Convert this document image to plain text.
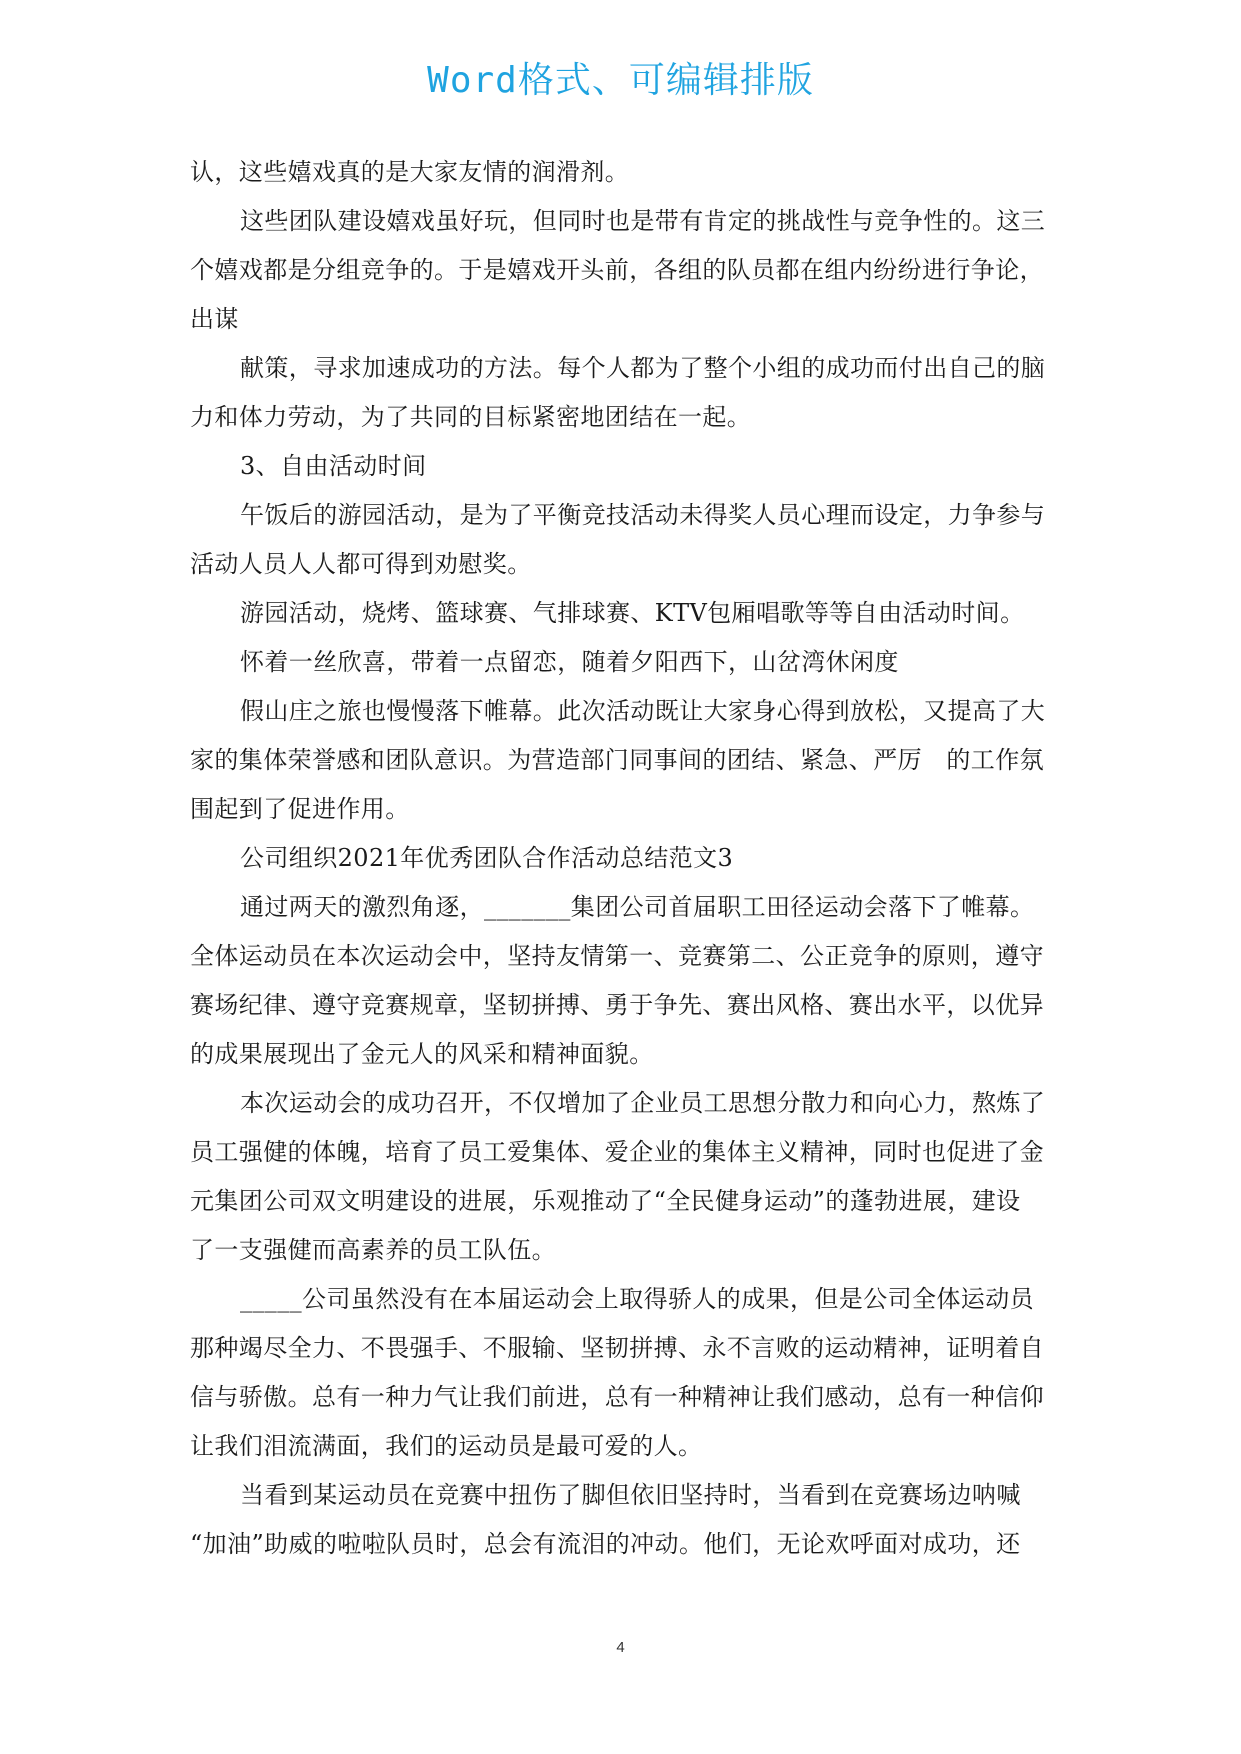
Word格式、可编辑排版
认，这些嬉戏真的是大家友情的润滑剂。
这些团队建设嬉戏虽好玩，但同时也是带有肯定的挑战性与竞争性的。这三
个嬉戏都是分组竞争的。于是嬉戏开头前，各组的队员都在组内纷纷进行争论，
出谋
献策，寻求加速成功的方法。每个人都为了整个小组的成功而付出自己的脑
力和体力劳动，为了共同的目标紧密地团结在一起。
3、自由活动时间
午饭后的游园活动，是为了平衡竞技活动未得奖人员心理而设定，力争参与
活动人员人人都可得到劝慰奖。
游园活动，烧烤、篮球赛、气排球赛、KTV包厢唱歌等等自由活动时间。
怀着一丝欣喜，带着一点留恋，随着夕阳西下，山岔湾休闲度
假山庄之旅也慢慢落下帷幕。此次活动既让大家身心得到放松，又提高了大
家的集体荣誉感和团队意识。为营造部门同事间的团结、紧急、严厉　的工作氛
围起到了促进作用。
公司组织2021年优秀团队合作活动总结范文3
通过两天的激烈角逐，_______集团公司首届职工田径运动会落下了帷幕。
全体运动员在本次运动会中，坚持友情第一、竞赛第二、公正竞争的原则，遵守
赛场纪律、遵守竞赛规章，坚韧拼搏、勇于争先、赛出风格、赛出水平，以优异
的成果展现出了金元人的风采和精神面貌。
本次运动会的成功召开，不仅增加了企业员工思想分散力和向心力，熬炼了
员工强健的体魄，培育了员工爱集体、爱企业的集体主义精神，同时也促进了金
元集团公司双文明建设的进展，乐观推动了“全民健身运动”的蓬勃进展，建设
了一支强健而高素养的员工队伍。
_____公司虽然没有在本届运动会上取得骄人的成果，但是公司全体运动员
那种竭尽全力、不畏强手、不服输、坚韧拼搏、永不言败的运动精神，证明着自
信与骄傲。总有一种力气让我们前进，总有一种精神让我们感动，总有一种信仰
让我们泪流满面，我们的运动员是最可爱的人。
当看到某运动员在竞赛中扭伤了脚但依旧坚持时，当看到在竞赛场边呐喊
“加油”助威的啦啦队员时，总会有流泪的冲动。他们，无论欢呼面对成功，还
4
